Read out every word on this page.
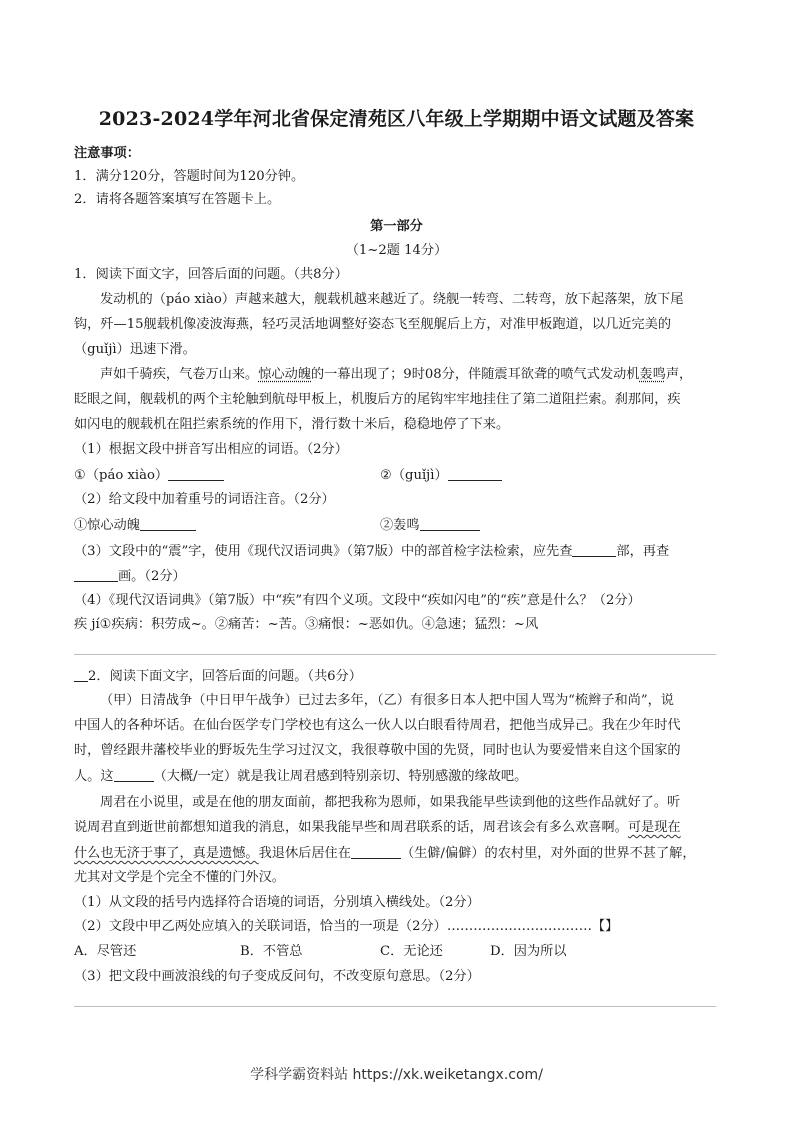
2023-2024学年河北省保定清苑区八年级上学期期中语文试题及答案
注意事项：
1．满分120分，答题时间为120分钟。
2．请将各题答案填写在答题卡上。
第一部分
（1~2题 14分）
1．阅读下面文字，回答后面的问题。（共8分）
发动机的（páo xiào）声越来越大，舰载机越来越近了。绕舰一转弯、二转弯，放下起落架，放下尾
钩，歼—15舰载机像凌波海燕，轻巧灵活地调整好姿态飞至舰艉后上方，对准甲板跑道，以几近完美的
（guǐjì）迅速下滑。
声如千骑疾，气卷万山来。惊心动魄的一幕出现了；9时08分，伴随震耳欲聋的喷气式发动机轰鸣声，
眨眼之间，舰载机的两个主轮触到航母甲板上，机腹后方的尾钩牢牢地挂住了第二道阻拦索。刹那间，疾
如闪电的舰载机在阻拦索系统的作用下，滑行数十米后，稳稳地停了下来。
（1）根据文段中拼音写出相应的词语。（2分）
①（páo xiào）	②（guǐjì）
（2）给文段中加着重号的词语注音。（2分）
①惊心动魄	②轰鸣
（3）文段中的“震”字，使用《现代汉语词典》（第7版）中的部首检字法检索，应先查	部，再查
画。（2分）
（4）《现代汉语词典》（第7版）中“疾”有四个义项。文段中“疾如闪电”的“疾”意是什么？（2分）
疾 jí①疾病：积劳成~。②痛苦：~苦。③痛恨：~恶如仇。④急速；猛烈：~风
2．阅读下面文字，回答后面的问题。（共6分）
（甲）日清战争（中日甲午战争）已过去多年，（乙）有很多日本人把中国人骂为“梳辫子和尚”，说
中国人的各种坏话。在仙台医学专门学校也有这么一伙人以白眼看待周君，把他当成异己。我在少年时代
时，曾经跟井藩校毕业的野坂先生学习过汉文，我很尊敬中国的先贤，同时也认为要爱惜来自这个国家的
人。这	（大概/一定）就是我让周君感到特别亲切、特别感激的缘故吧。
周君在小说里，或是在他的朋友面前，都把我称为恩师，如果我能早些读到他的这些作品就好了。听
说周君直到逝世前都想知道我的消息，如果我能早些和周君联系的话，周君该会有多么欢喜啊。可是现在
什么也无济于事了，真是遗憾。我退休后居住在	（生僻/偏僻）的农村里，对外面的世界不甚了解，
尤其对文学是个完全不懂的门外汉。
（1）从文段的括号内选择符合语境的词语，分别填入横线处。（2分）
（2）文段中甲乙两处应填入的关联词语，恰当的一项是（2分）……………………………【】
A．尽管还	B．不管总	C．无论还	D．因为所以
（3）把文段中画波浪线的句子变成反问句，不改变原句意思。（2分）
学科学霸资料站 https://xk.weiketangx.com/
